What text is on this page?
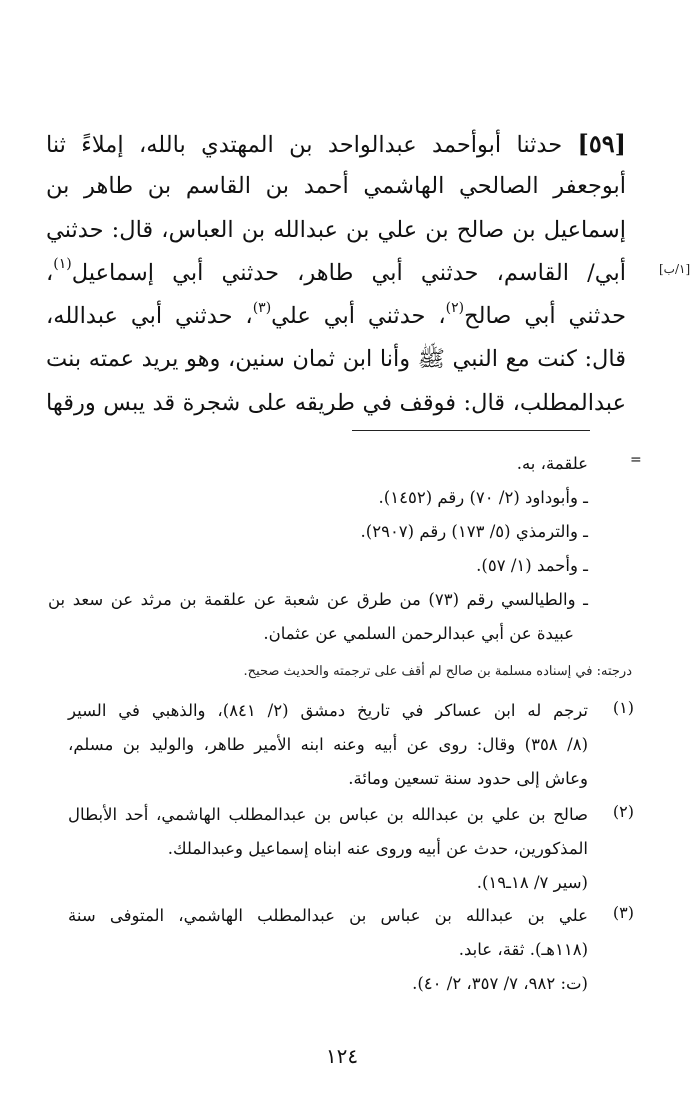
[٥٩] حدثنا أبوأحمد عبدالواحد بن المهتدي بالله، إملاءً ثنا
أبوجعفر الصالحي الهاشمي أحمد بن القاسم بن طاهر بن
إسماعيل بن صالح بن علي بن عبدالله بن العباس، قال: حدثني
أبي/ القاسم، حدثني أبي طاهر، حدثني أبي إسماعيل$^{(١)}$،
حدثني أبي صالح$^{(٢)}$، حدثني أبي علي$^{(٣)}$، حدثني أبي عبدالله،
قال: كنت مع النبي ﷺ وأنا ابن ثمان سنين، وهو يريد عمته بنت
عبدالمطلب، قال: فوقف في طريقه على شجرة قد يبس ورقها
[١/ب]
=
علقمة، به.
ـ وأبوداود (٢/ ٧٠) رقم (١٤٥٢).
ـ والترمذي (٥/ ١٧٣) رقم (٢٩٠٧).
ـ وأحمد (١/ ٥٧).
ـ والطيالسي رقم (٧٣) من طرق عن شعبة عن علقمة بن مرثد عن سعد بن
عبيدة عن أبي عبدالرحمن السلمي عن عثمان.
درجته: في إسناده مسلمة بن صالح لم أقف على ترجمته والحديث صحيح.
(١)
ترجم له ابن عساكر في تاريخ دمشق (٢/ ٨٤١)، والذهبي في السير
(٨/ ٣٥٨) وقال: روى عن أبيه وعنه ابنه الأمير طاهر، والوليد بن مسلم،
وعاش إلى حدود سنة تسعين ومائة.
(٢)
صالح بن علي بن عبدالله بن عباس بن عبدالمطلب الهاشمي، أحد الأبطال
المذكورين، حدث عن أبيه وروى عنه ابناه إسماعيل وعبدالملك.
(سير ٧/ ١٨ـ١٩).
(٣)
علي بن عبدالله بن عباس بن عبدالمطلب الهاشمي، المتوفى سنة
(١١٨هـ). ثقة، عابد.
(ت: ٩٨٢، ٧/ ٣٥٧، ٢/ ٤٠).
١٢٤
